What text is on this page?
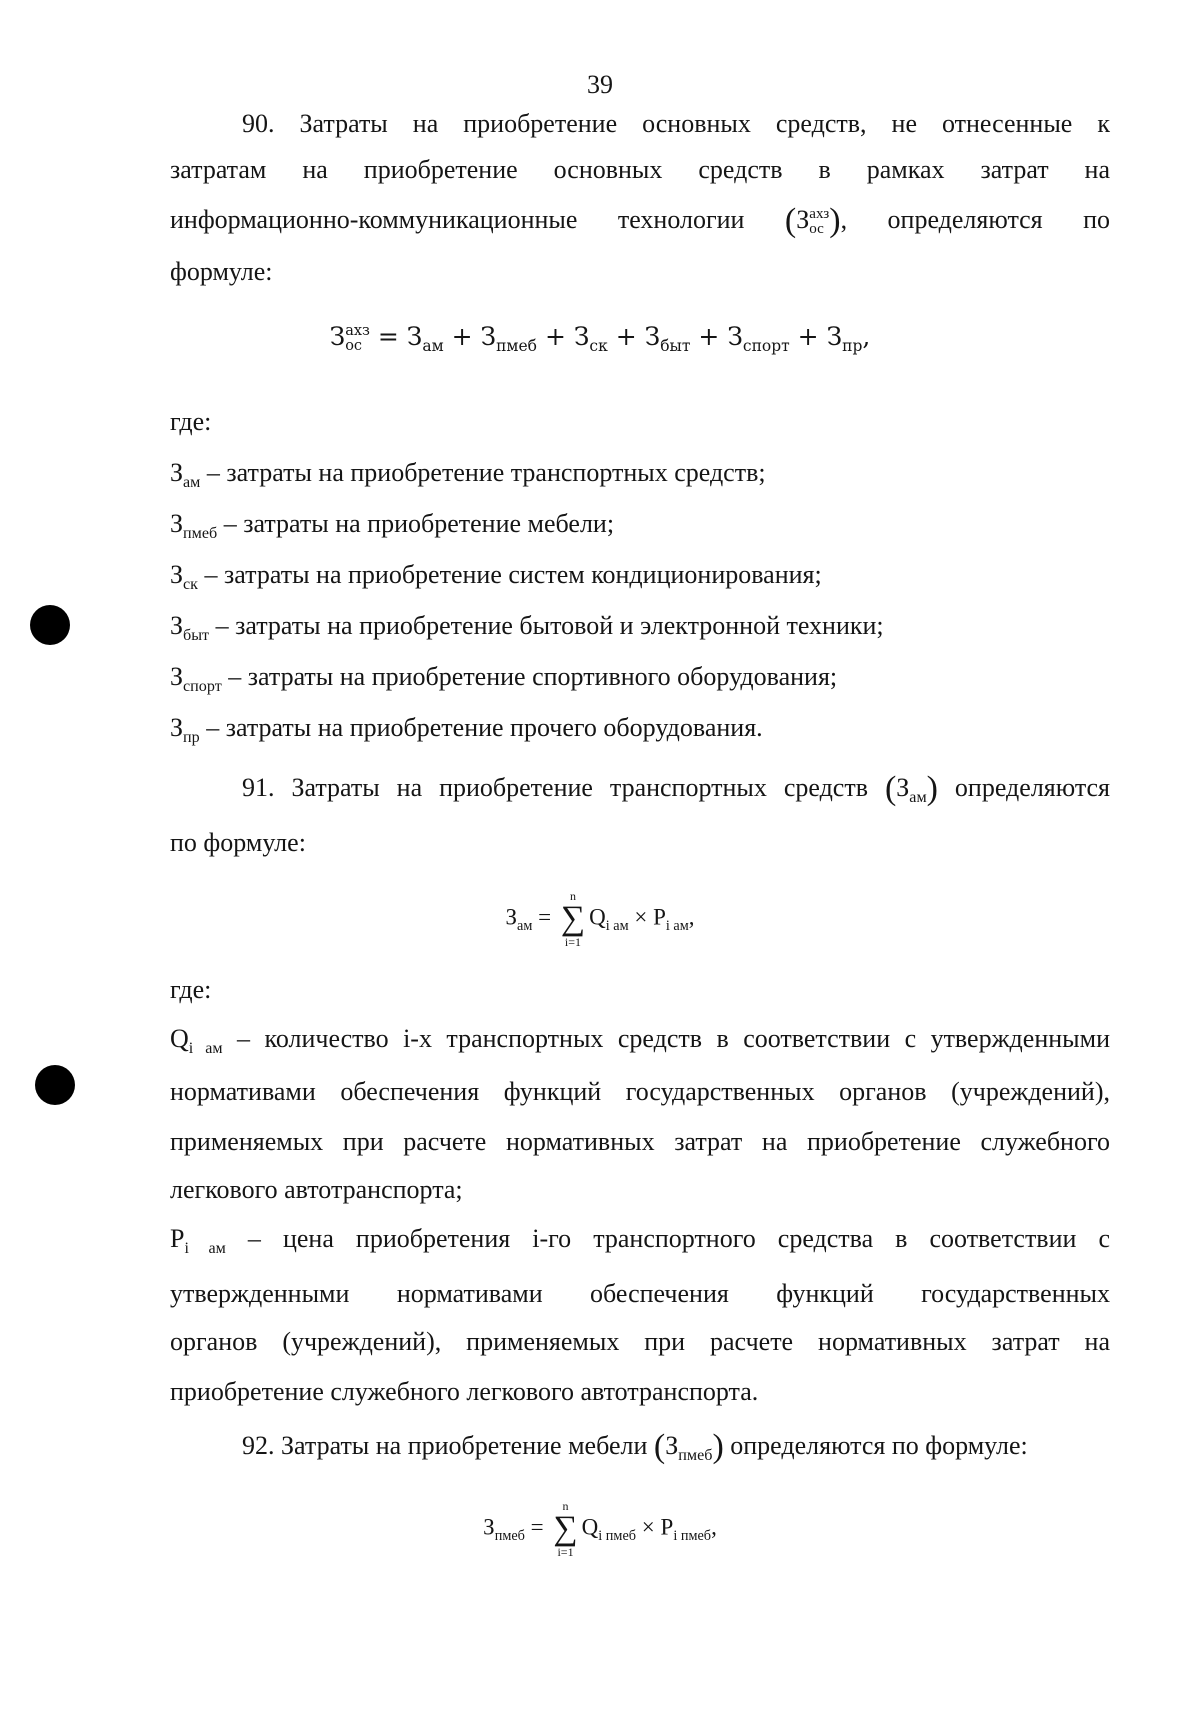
39
90. Затраты на приобретение основных средств, не отнесенные к
затратам на приобретение основных средств в рамках затрат на
информационно-коммуникационные технологии (З ахз
ос ), определяются по
формуле:
З ахз
ос = $З_{ам} + З_{пмеб} + З_{ск} + З_{быт} + З_{спорт} + З_{пр}$,
где:
$З_{ам}$ – затраты на приобретение транспортных средств;
$З_{пмеб}$ – затраты на приобретение мебели;
$З_{ск}$ – затраты на приобретение систем кондиционирования;
$З_{быт}$ – затраты на приобретение бытовой и электронной техники;
$З_{спорт}$ – затраты на приобретение спортивного оборудования;
$З_{пр}$ – затраты на приобретение прочего оборудования.
91. Затраты на приобретение транспортных средств $(З_{ам})$ определяются
по формуле:
$З_{ам}$ =
n
∑
i=1
$Q_{i ам} \times P_{i ам}$,
где:
$Q_{i ам}$ – количество i-х транспортных средств в соответствии с утвержденными
нормативами обеспечения функций государственных органов (учреждений),
применяемых при расчете нормативных затрат на приобретение служебного
легкового автотранспорта;
$P_{i ам}$ – цена приобретения i-го транспортного средства в соответствии с
утвержденными нормативами обеспечения функций государственных
органов (учреждений), применяемых при расчете нормативных затрат на
приобретение служебного легкового автотранспорта.
92. Затраты на приобретение мебели $(З_{пмеб})$ определяются по формуле:
$З_{пмеб}$ =
n
∑
i=1
$Q_{i пмеб} \times P_{i пмеб}$,
